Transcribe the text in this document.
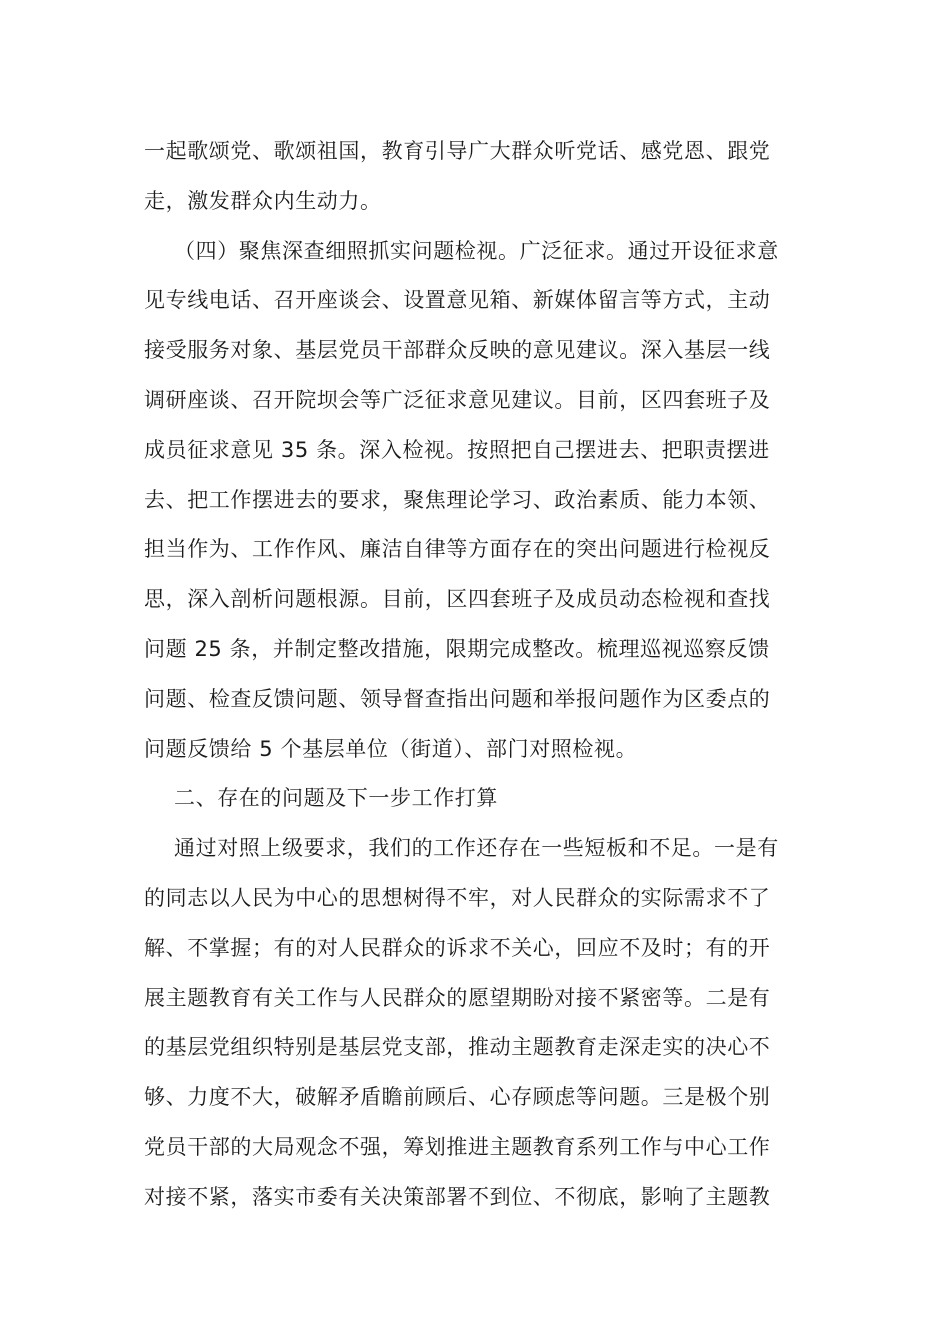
一起歌颂党、歌颂祖国，教育引导广大群众听党话、感党恩、跟党
走，激发群众内生动力。
（四）聚焦深查细照抓实问题检视。广泛征求。通过开设征求意
见专线电话、召开座谈会、设置意见箱、新媒体留言等方式，主动
接受服务对象、基层党员干部群众反映的意见建议。深入基层一线
调研座谈、召开院坝会等广泛征求意见建议。目前，区四套班子及
成员征求意见 35 条。深入检视。按照把自己摆进去、把职责摆进
去、把工作摆进去的要求，聚焦理论学习、政治素质、能力本领、
担当作为、工作作风、廉洁自律等方面存在的突出问题进行检视反
思，深入剖析问题根源。目前，区四套班子及成员动态检视和查找
问题 25 条，并制定整改措施，限期完成整改。梳理巡视巡察反馈
问题、检查反馈问题、领导督查指出问题和举报问题作为区委点的
问题反馈给 5 个基层单位（街道）、部门对照检视。
二、存在的问题及下一步工作打算
通过对照上级要求，我们的工作还存在一些短板和不足。一是有
的同志以人民为中心的思想树得不牢，对人民群众的实际需求不了
解、不掌握；有的对人民群众的诉求不关心，回应不及时；有的开
展主题教育有关工作与人民群众的愿望期盼对接不紧密等。二是有
的基层党组织特别是基层党支部，推动主题教育走深走实的决心不
够、力度不大，破解矛盾瞻前顾后、心存顾虑等问题。三是极个别
党员干部的大局观念不强，筹划推进主题教育系列工作与中心工作
对接不紧，落实市委有关决策部署不到位、不彻底，影响了主题教
